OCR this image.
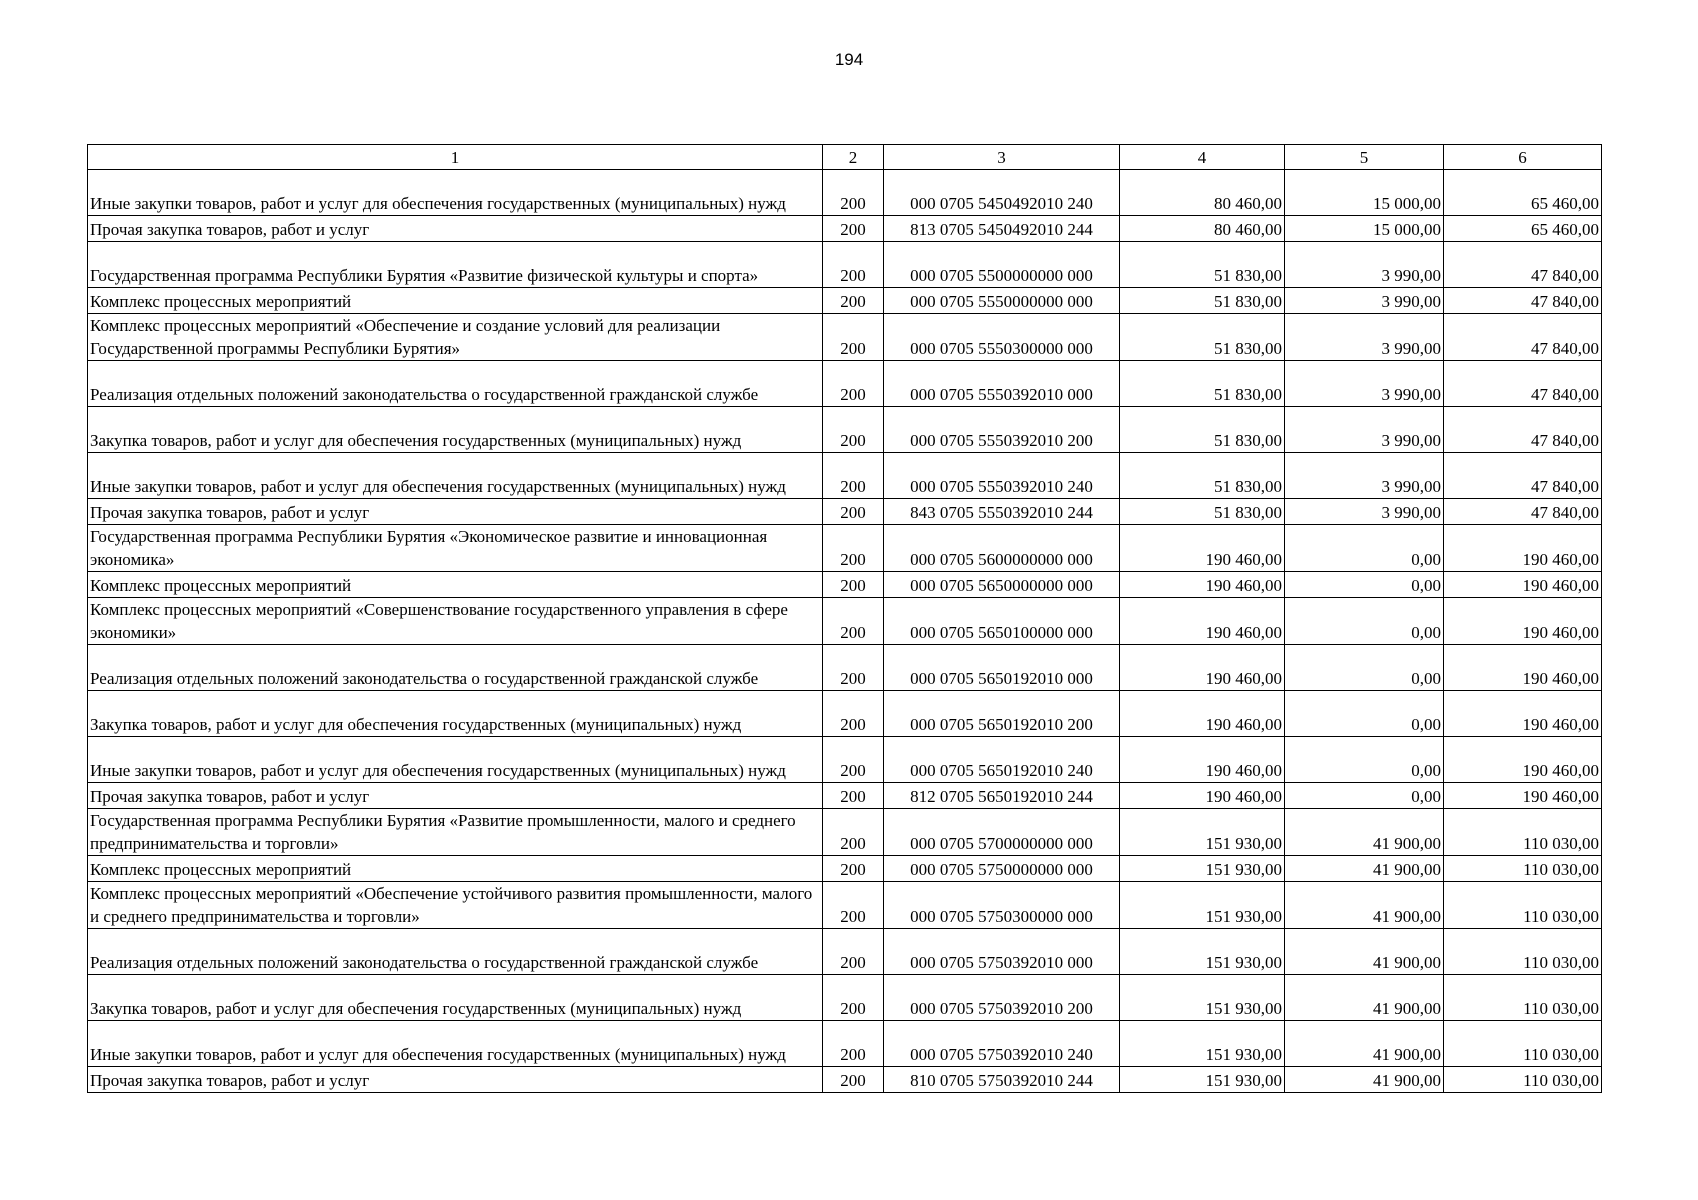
194
1	2	3	4	5	6
Иные закупки товаров, работ и услуг для обеспечения государственных (муниципальных) нужд	200	000 0705 5450492010 240	80 460,00	15 000,00	65 460,00
Прочая закупка товаров, работ и услуг	200	813 0705 5450492010 244	80 460,00	15 000,00	65 460,00
Государственная программа Республики Бурятия «Развитие физической культуры и спорта»	200	000 0705 5500000000 000	51 830,00	3 990,00	47 840,00
Комплекс процессных мероприятий	200	000 0705 5550000000 000	51 830,00	3 990,00	47 840,00
Комплекс процессных мероприятий «Обеспечение и создание условий для реализации Государственной программы Республики Бурятия»	200	000 0705 5550300000 000	51 830,00	3 990,00	47 840,00
Реализация отдельных положений законодательства о государственной гражданской службе	200	000 0705 5550392010 000	51 830,00	3 990,00	47 840,00
Закупка товаров, работ и услуг для обеспечения государственных (муниципальных) нужд	200	000 0705 5550392010 200	51 830,00	3 990,00	47 840,00
Иные закупки товаров, работ и услуг для обеспечения государственных (муниципальных) нужд	200	000 0705 5550392010 240	51 830,00	3 990,00	47 840,00
Прочая закупка товаров, работ и услуг	200	843 0705 5550392010 244	51 830,00	3 990,00	47 840,00
Государственная программа Республики Бурятия «Экономическое развитие и инновационная экономика»	200	000 0705 5600000000 000	190 460,00	0,00	190 460,00
Комплекс процессных мероприятий	200	000 0705 5650000000 000	190 460,00	0,00	190 460,00
Комплекс процессных мероприятий «Совершенствование государственного управления в сфере экономики»	200	000 0705 5650100000 000	190 460,00	0,00	190 460,00
Реализация отдельных положений законодательства о государственной гражданской службе	200	000 0705 5650192010 000	190 460,00	0,00	190 460,00
Закупка товаров, работ и услуг для обеспечения государственных (муниципальных) нужд	200	000 0705 5650192010 200	190 460,00	0,00	190 460,00
Иные закупки товаров, работ и услуг для обеспечения государственных (муниципальных) нужд	200	000 0705 5650192010 240	190 460,00	0,00	190 460,00
Прочая закупка товаров, работ и услуг	200	812 0705 5650192010 244	190 460,00	0,00	190 460,00
Государственная программа Республики Бурятия «Развитие промышленности, малого и среднего предпринимательства и торговли»	200	000 0705 5700000000 000	151 930,00	41 900,00	110 030,00
Комплекс процессных мероприятий	200	000 0705 5750000000 000	151 930,00	41 900,00	110 030,00
Комплекс процессных мероприятий «Обеспечение устойчивого развития промышленности, малого и среднего предпринимательства и торговли»	200	000 0705 5750300000 000	151 930,00	41 900,00	110 030,00
Реализация отдельных положений законодательства о государственной гражданской службе	200	000 0705 5750392010 000	151 930,00	41 900,00	110 030,00
Закупка товаров, работ и услуг для обеспечения государственных (муниципальных) нужд	200	000 0705 5750392010 200	151 930,00	41 900,00	110 030,00
Иные закупки товаров, работ и услуг для обеспечения государственных (муниципальных) нужд	200	000 0705 5750392010 240	151 930,00	41 900,00	110 030,00
Прочая закупка товаров, работ и услуг	200	810 0705 5750392010 244	151 930,00	41 900,00	110 030,00
